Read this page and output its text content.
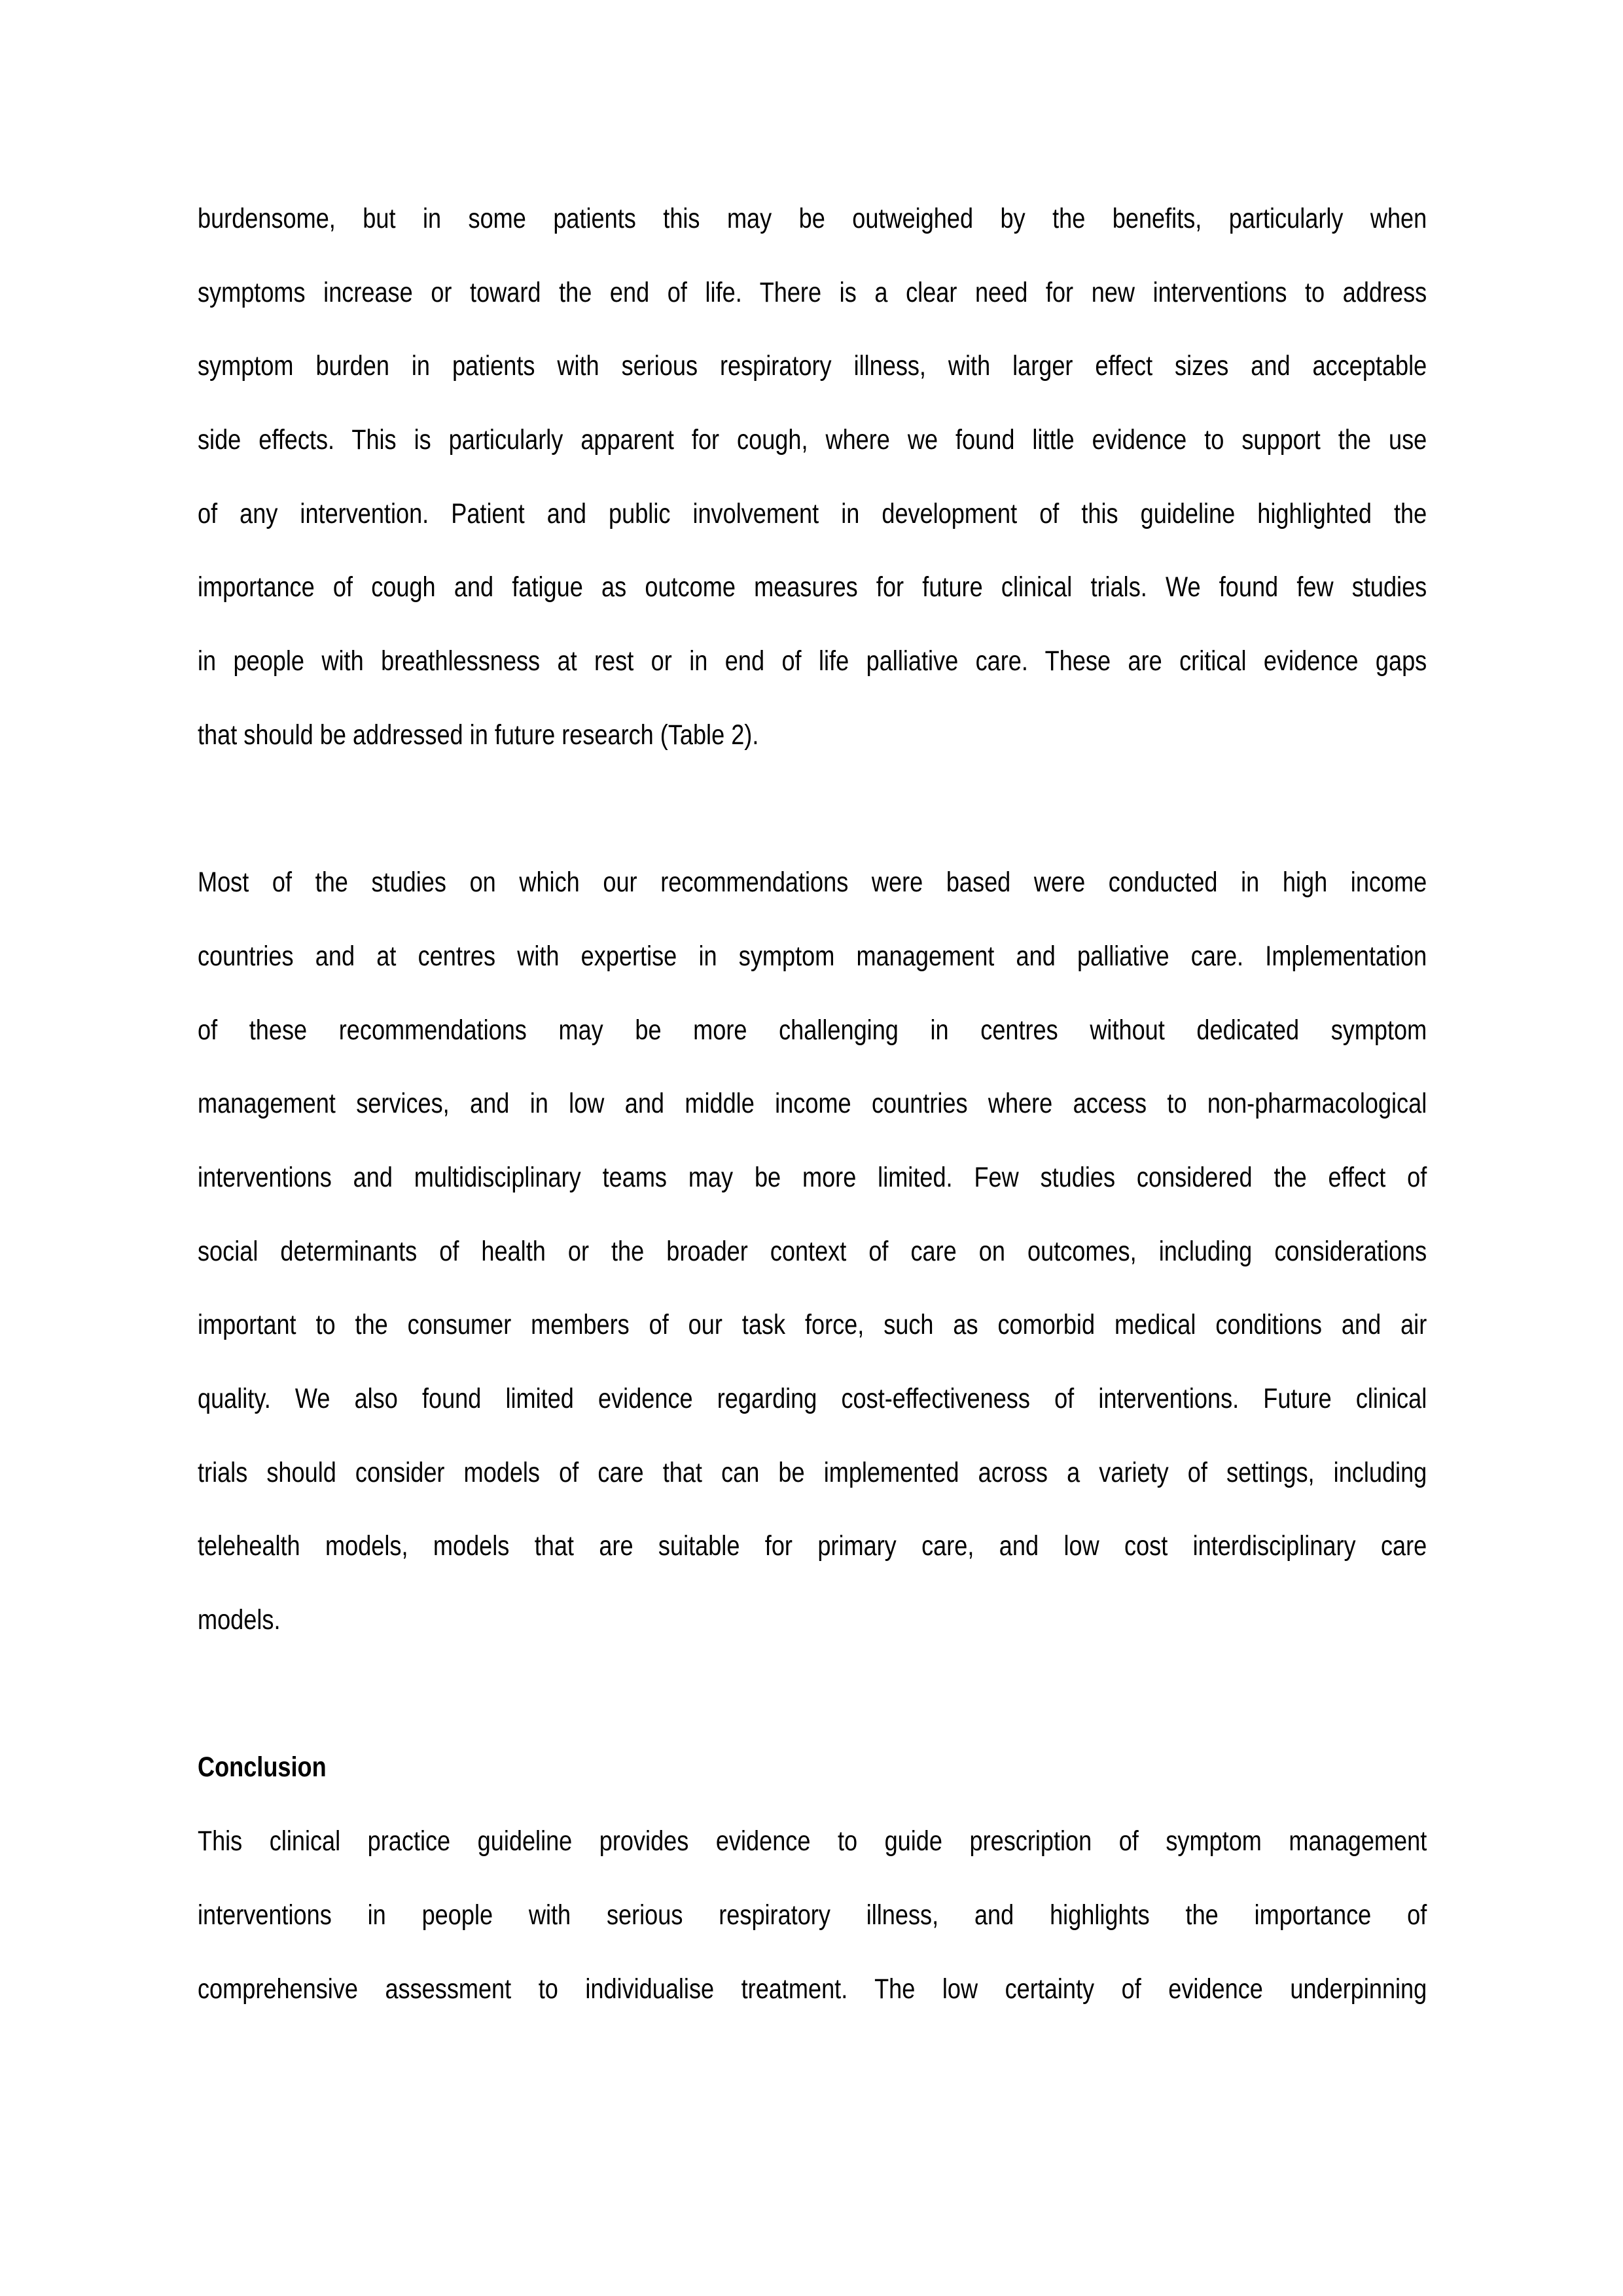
burdensome, but in some patients this may be outweighed by the benefits, particularly when
symptoms increase or toward the end of life. There is a clear need for new interventions to address
symptom burden in patients with serious respiratory illness, with larger effect sizes and acceptable
side effects. This is particularly apparent for cough, where we found little evidence to support the use
of any intervention. Patient and public involvement in development of this guideline highlighted the
importance of cough and fatigue as outcome measures for future clinical trials. We found few studies
in people with breathlessness at rest or in end of life palliative care. These are critical evidence gaps
that should be addressed in future research (Table 2).
Most of the studies on which our recommendations were based were conducted in high income
countries and at centres with expertise in symptom management and palliative care. Implementation
of these recommendations may be more challenging in centres without dedicated symptom
management services, and in low and middle income countries where access to non-pharmacological
interventions and multidisciplinary teams may be more limited. Few studies considered the effect of
social determinants of health or the broader context of care on outcomes, including considerations
important to the consumer members of our task force, such as comorbid medical conditions and air
quality. We also found limited evidence regarding cost-effectiveness of interventions. Future clinical
trials should consider models of care that can be implemented across a variety of settings, including
telehealth models, models that are suitable for primary care, and low cost interdisciplinary care
models.
Conclusion
This clinical practice guideline provides evidence to guide prescription of symptom management
interventions in people with serious respiratory illness, and highlights the importance of
comprehensive assessment to individualise treatment. The low certainty of evidence underpinning
